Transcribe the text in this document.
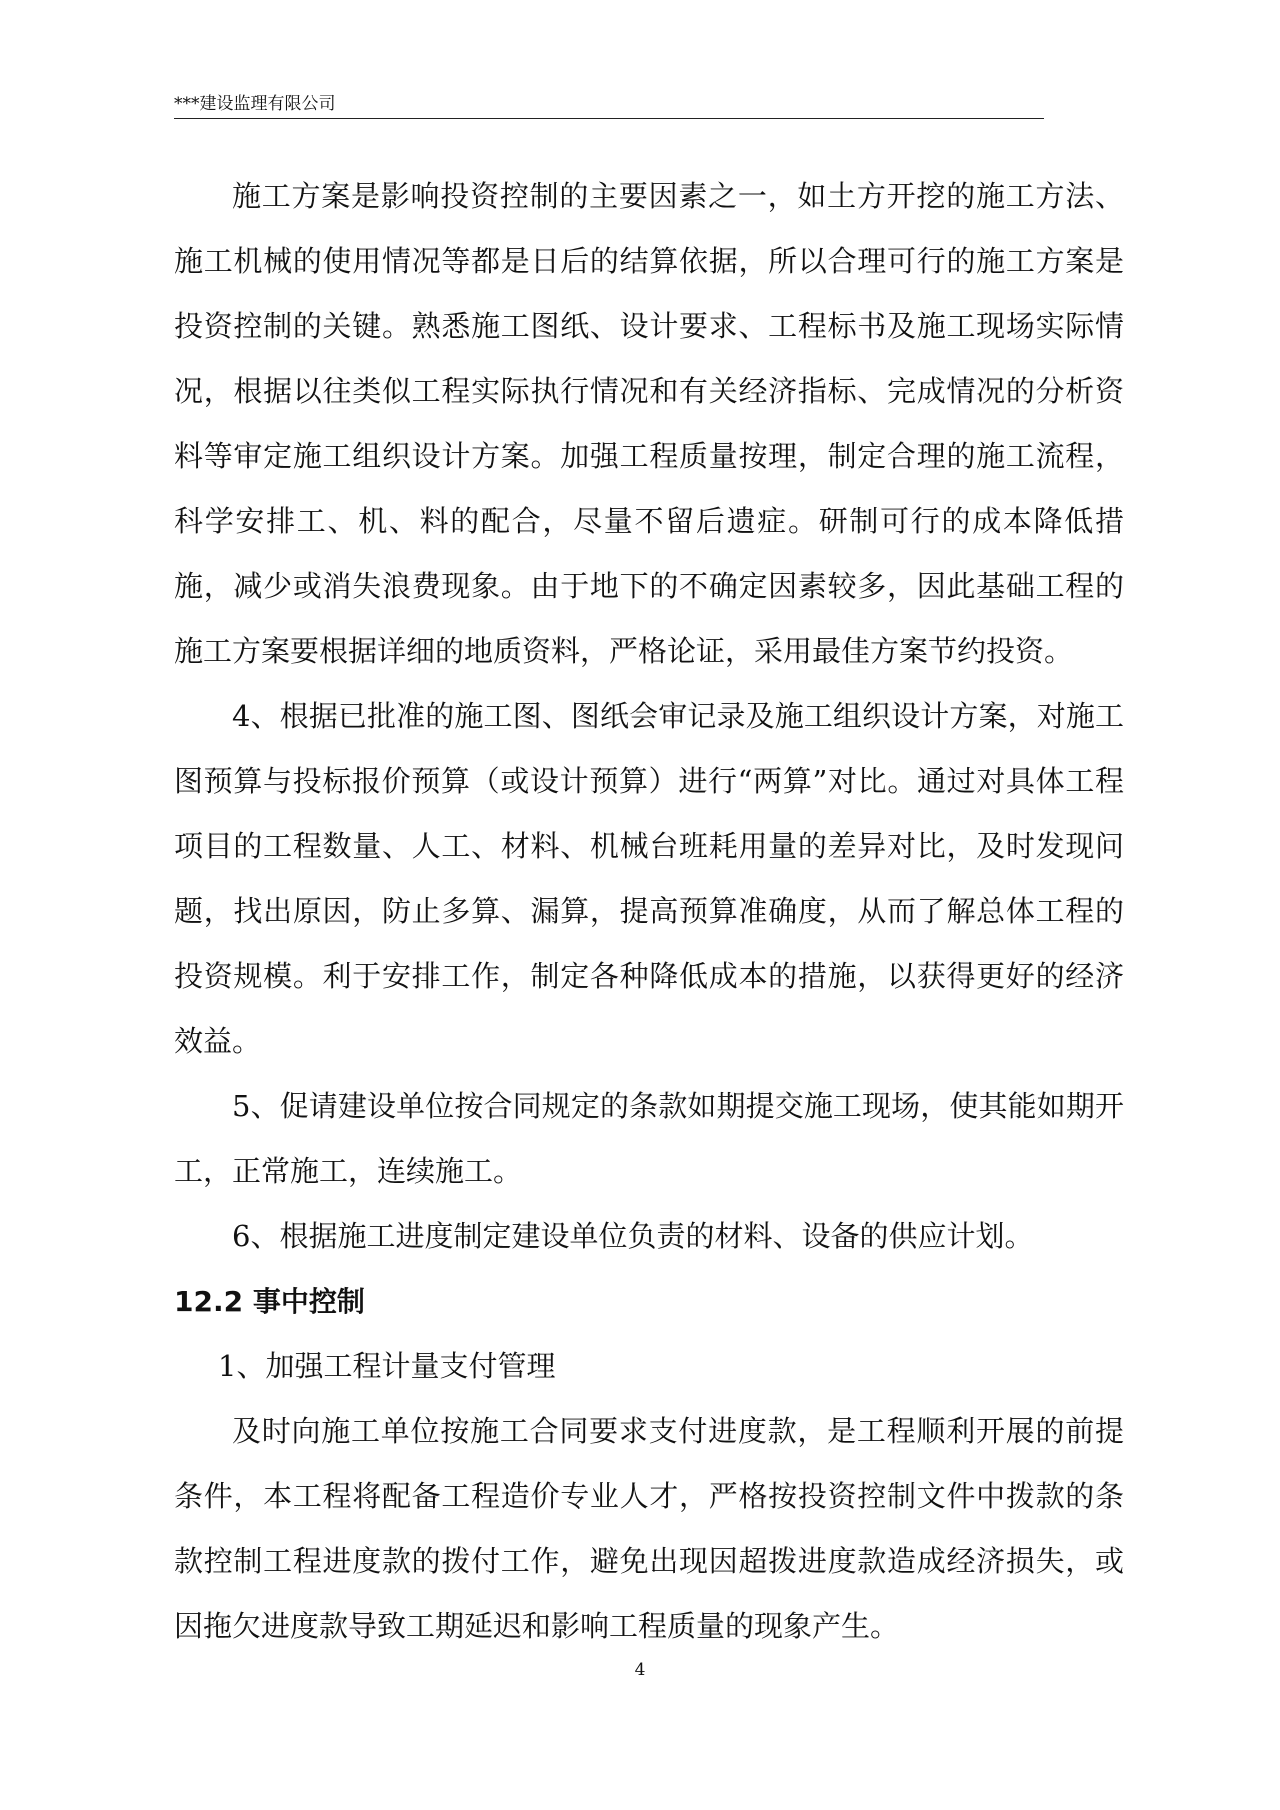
***建设监理有限公司

施工方案是影响投资控制的主要因素之一，如土方开挖的施工方法、施工机械的使用情况等都是日后的结算依据，所以合理可行的施工方案是投资控制的关键。熟悉施工图纸、设计要求、工程标书及施工现场实际情况，根据以往类似工程实际执行情况和有关经济指标、完成情况的分析资料等审定施工组织设计方案。加强工程质量按理，制定合理的施工流程，科学安排工、机、料的配合，尽量不留后遗症。研制可行的成本降低措施，减少或消失浪费现象。由于地下的不确定因素较多，因此基础工程的施工方案要根据详细的地质资料，严格论证，采用最佳方案节约投资。

4、根据已批准的施工图、图纸会审记录及施工组织设计方案，对施工图预算与投标报价预算（或设计预算）进行“两算”对比。通过对具体工程项目的工程数量、人工、材料、机械台班耗用量的差异对比，及时发现问题，找出原因，防止多算、漏算，提高预算准确度，从而了解总体工程的投资规模。利于安排工作，制定各种降低成本的措施，以获得更好的经济效益。

5、促请建设单位按合同规定的条款如期提交施工现场，使其能如期开工，正常施工，连续施工。

6、根据施工进度制定建设单位负责的材料、设备的供应计划。

12.2 事中控制

1、加强工程计量支付管理

及时向施工单位按施工合同要求支付进度款，是工程顺利开展的前提条件，本工程将配备工程造价专业人才，严格按投资控制文件中拨款的条款控制工程进度款的拨付工作，避免出现因超拨进度款造成经济损失，或因拖欠进度款导致工期延迟和影响工程质量的现象产生。

4
